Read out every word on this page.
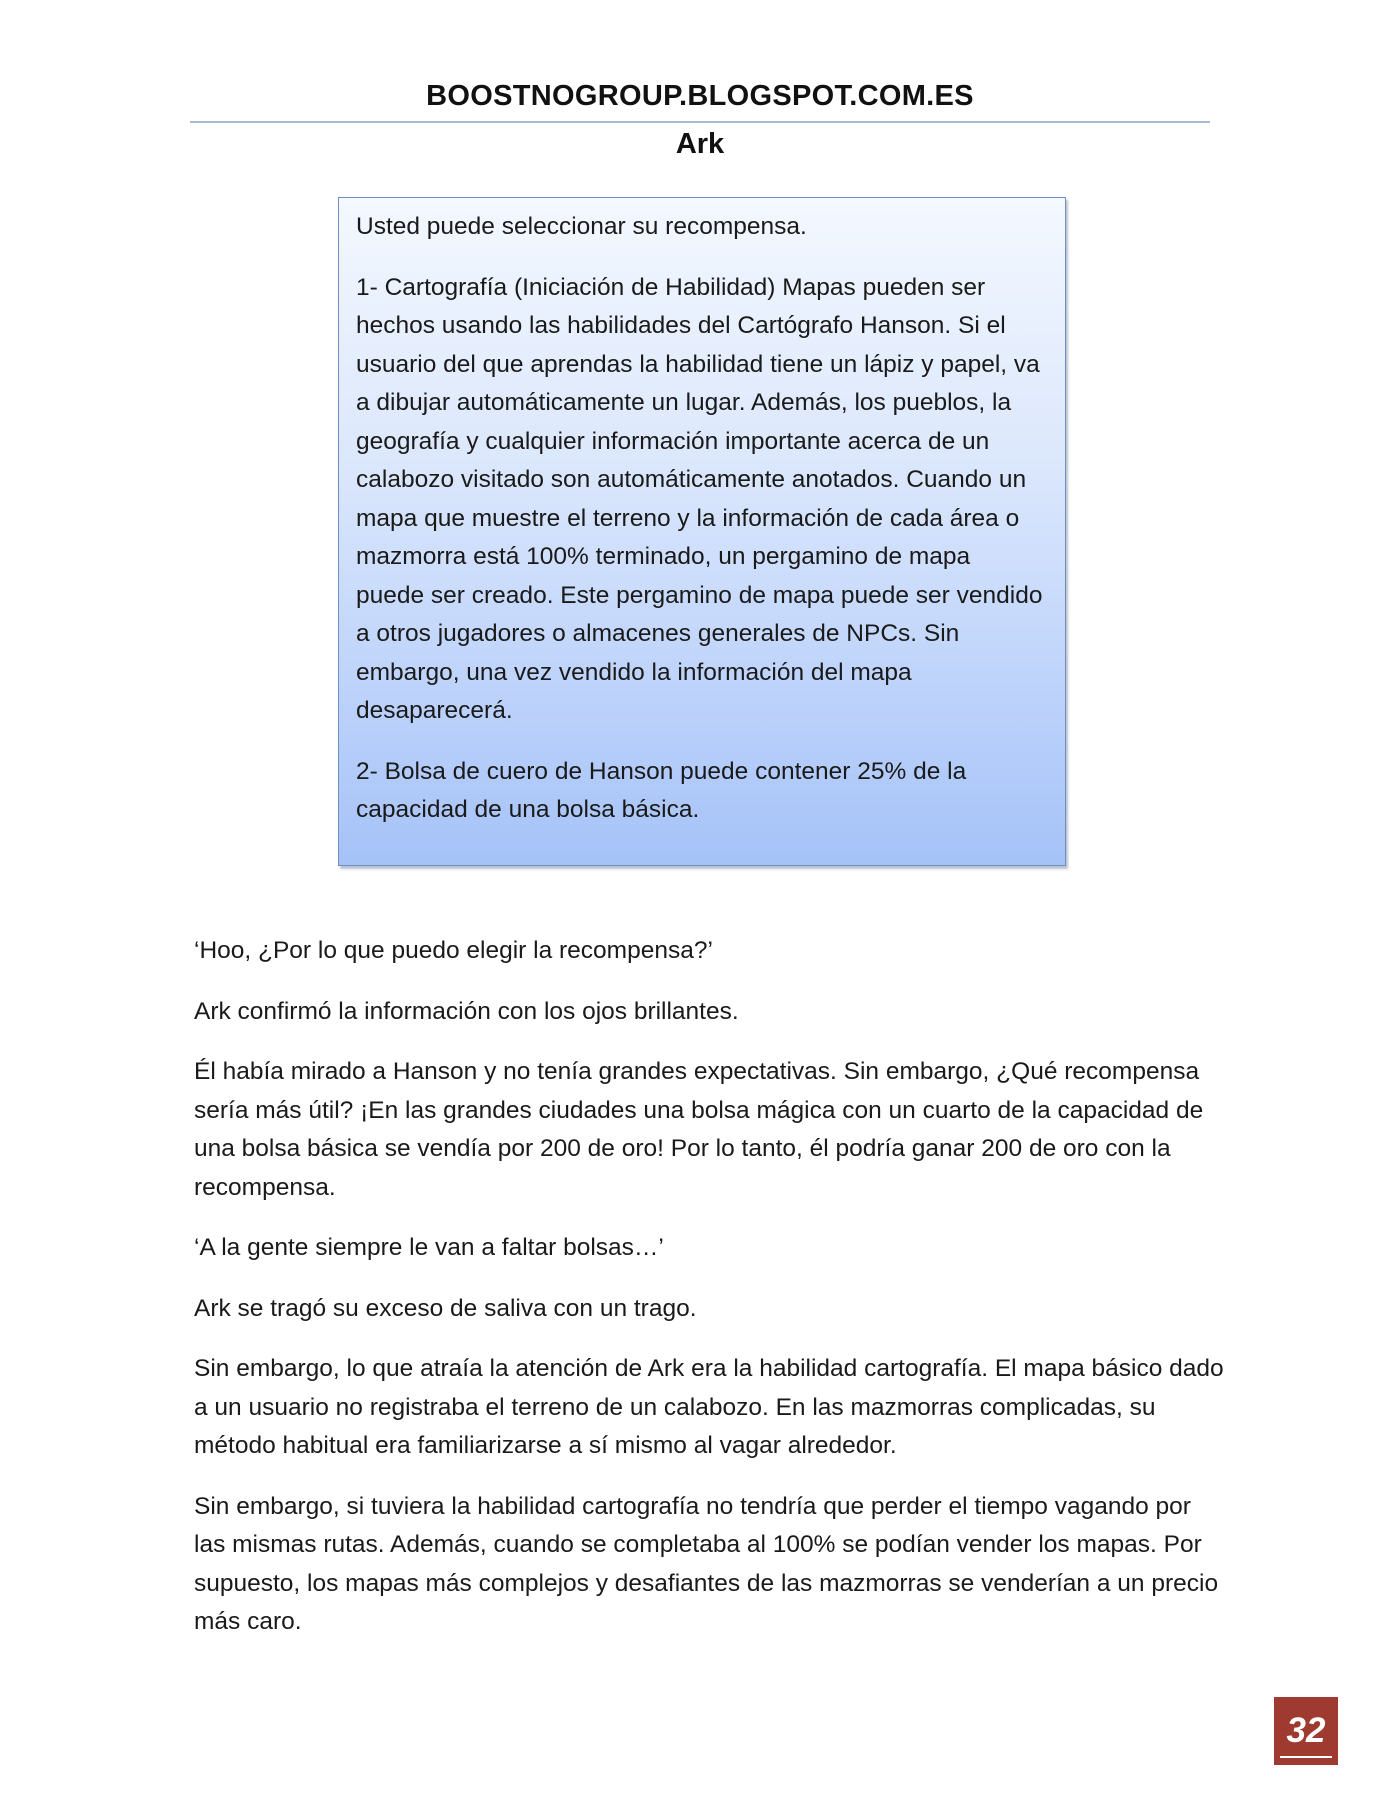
BOOSTNOGROUP.BLOGSPOT.COM.ES
Ark

Usted puede seleccionar su recompensa.

1- Cartografía (Iniciación de Habilidad) Mapas pueden ser hechos usando las habilidades del Cartógrafo Hanson. Si el usuario del que aprendas la habilidad tiene un lápiz y papel, va a dibujar automáticamente un lugar. Además, los pueblos, la geografía y cualquier información importante acerca de un calabozo visitado son automáticamente anotados. Cuando un mapa que muestre el terreno y la información de cada área o mazmorra está 100% terminado, un pergamino de mapa puede ser creado. Este pergamino de mapa puede ser vendido a otros jugadores o almacenes generales de NPCs. Sin embargo, una vez vendido la información del mapa desaparecerá.

2- Bolsa de cuero de Hanson puede contener 25% de la capacidad de una bolsa básica.

‘Hoo, ¿Por lo que puedo elegir la recompensa?’

Ark confirmó la información con los ojos brillantes.

Él había mirado a Hanson y no tenía grandes expectativas. Sin embargo, ¿Qué recompensa sería más útil? ¡En las grandes ciudades una bolsa mágica con un cuarto de la capacidad de una bolsa básica se vendía por 200 de oro! Por lo tanto, él podría ganar 200 de oro con la recompensa.

‘A la gente siempre le van a faltar bolsas…’

Ark se tragó su exceso de saliva con un trago.

Sin embargo, lo que atraía la atención de Ark era la habilidad cartografía. El mapa básico dado a un usuario no registraba el terreno de un calabozo. En las mazmorras complicadas, su método habitual era familiarizarse a sí mismo al vagar alrededor.

Sin embargo, si tuviera la habilidad cartografía no tendría que perder el tiempo vagando por las mismas rutas. Además, cuando se completaba al 100% se podían vender los mapas. Por supuesto, los mapas más complejos y desafiantes de las mazmorras se venderían a un precio más caro.

32
